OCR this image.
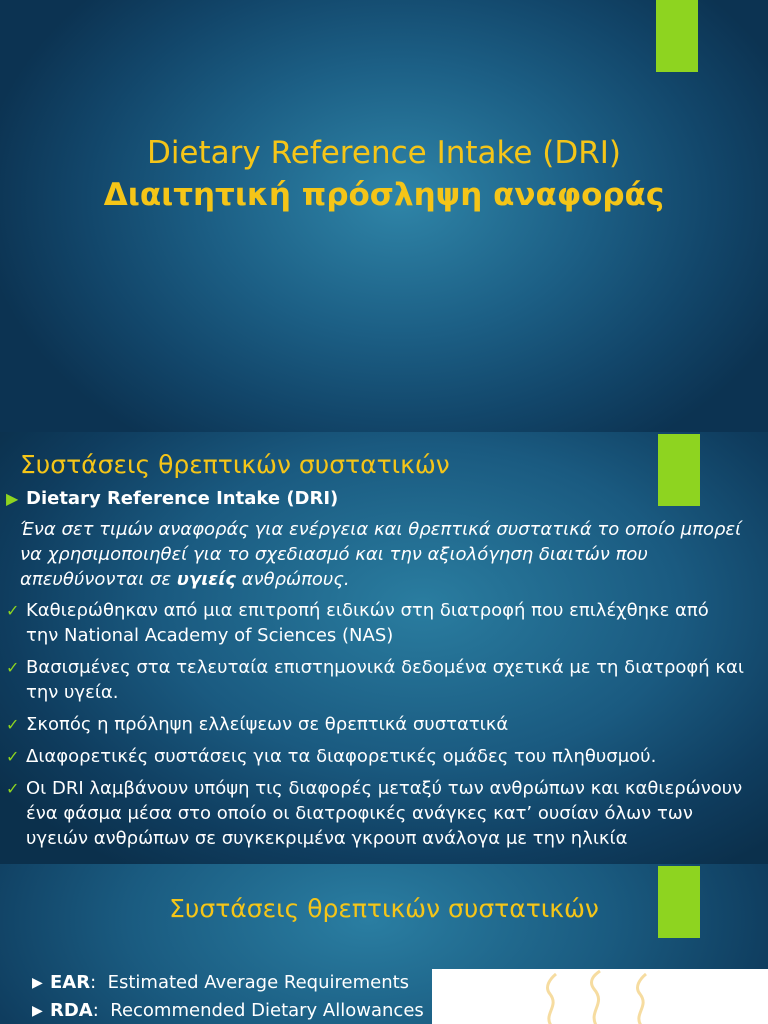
Dietary Reference Intake (DRI)
Διαιτητική πρόσληψη αναφοράς
Συστάσεις θρεπτικών συστατικών
▶ Dietary Reference Intake (DRI)
Ένα σετ τιμών αναφοράς για ενέργεια και θρεπτικά συστατικά το οποίο μπορεί να χρησιμοποιηθεί για το σχεδιασμό και την αξιολόγηση διαιτών που απευθύνονται σε υγιείς ανθρώπους.
✓ Καθιερώθηκαν από μια επιτροπή ειδικών στη διατροφή που επιλέχθηκε από την National Academy of Sciences (NAS)
✓ Βασισμένες στα τελευταία επιστημονικά δεδομένα σχετικά με τη διατροφή και την υγεία.
✓ Σκοπός η πρόληψη ελλείψεων σε θρεπτικά συστατικά
✓ Διαφορετικές συστάσεις για τα διαφορετικές ομάδες του πληθυσμού.
✓ Οι DRI λαμβάνουν υπόψη τις διαφορές μεταξύ των ανθρώπων και καθιερώνουν ένα φάσμα μέσα στο οποίο οι διατροφικές ανάγκες κατ’ ουσίαν όλων των υγειών ανθρώπων σε συγκεκριμένα γκρουπ ανάλογα με την ηλικία
Συστάσεις θρεπτικών συστατικών
▶ EAR:  Estimated Average Requirements
▶ RDA:  Recommended Dietary Allowances
